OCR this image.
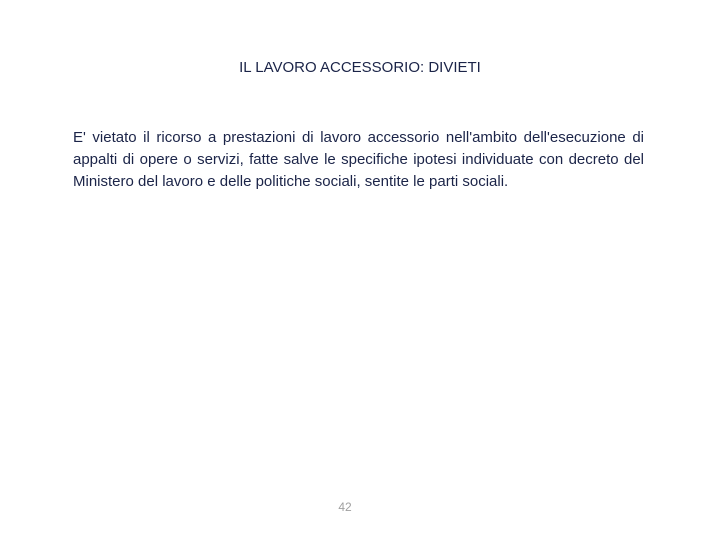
IL LAVORO ACCESSORIO: DIVIETI

E' vietato il ricorso a prestazioni di lavoro accessorio nell'ambito dell'esecuzione di appalti di opere o servizi, fatte salve le specifiche ipotesi individuate con decreto del Ministero del lavoro e delle politiche sociali, sentite le parti sociali.

42
